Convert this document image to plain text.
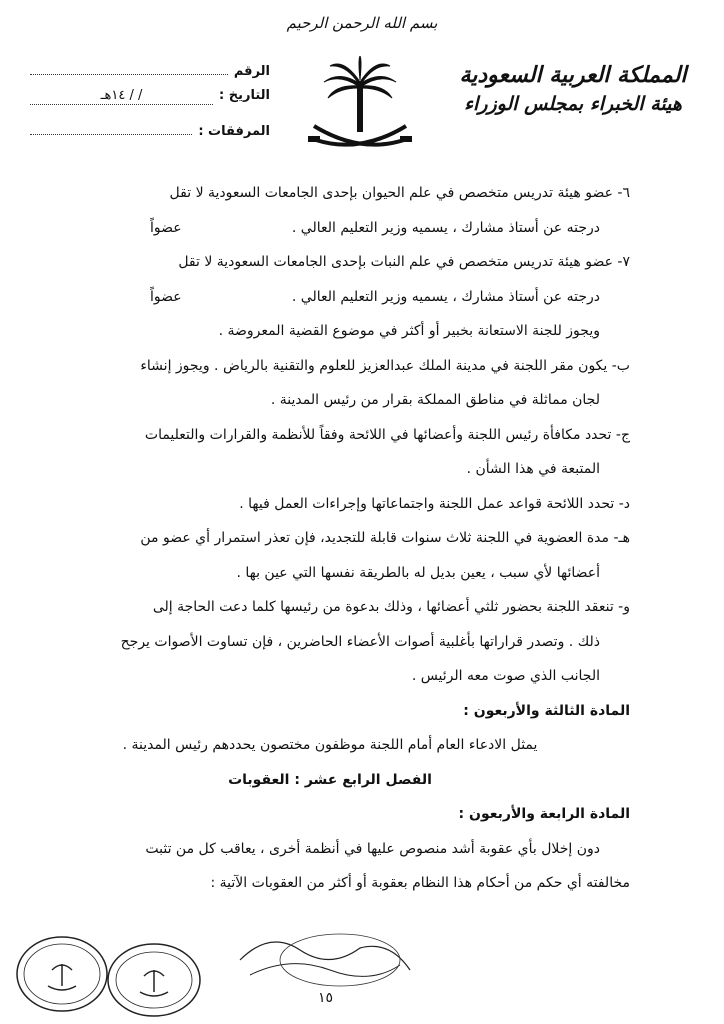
بسم الله الرحمن الرحيم
المملكة العربية السعودية
هيئة الخبراء بمجلس الوزراء
الرقم
التاريخ :
/ / ١٤هـ
المرفقات :
٦- عضو هيئة تدريس متخصص في علم الحيوان بإحدى الجامعات السعودية لا تقل
درجته عن أستاذ مشارك ، يسميه وزير التعليم العالي .
عضواً
٧- عضو هيئة تدريس متخصص في علم النبات بإحدى الجامعات السعودية لا تقل
درجته عن أستاذ مشارك ، يسميه وزير التعليم العالي .
عضواً
ويجوز للجنة الاستعانة بخبير أو أكثر في موضوع القضية المعروضة .
ب- يكون مقر اللجنة في مدينة الملك عبدالعزيز للعلوم والتقنية بالرياض . ويجوز إنشاء
لجان مماثلة في مناطق المملكة بقرار من رئيس المدينة .
ج- تحدد مكافأة رئيس اللجنة وأعضائها في اللائحة وفقاً للأنظمة والقرارات والتعليمات
المتبعة في هذا الشأن .
د- تحدد اللائحة قواعد عمل اللجنة واجتماعاتها وإجراءات العمل فيها .
هـ- مدة العضوية في اللجنة ثلاث سنوات قابلة للتجديد، فإن تعذر استمرار أي عضو من
أعضائها لأي سبب ، يعين بديل له بالطريقة نفسها التي عين بها .
و- تنعقد اللجنة بحضور ثلثي أعضائها ، وذلك بدعوة من رئيسها كلما دعت الحاجة إلى
ذلك . وتصدر قراراتها بأغلبية أصوات الأعضاء الحاضرين ، فإن تساوت الأصوات يرجح
الجانب الذي صوت معه الرئيس .
المادة الثالثة والأربعون :
يمثل الادعاء العام أمام اللجنة موظفون مختصون يحددهم رئيس المدينة .
الفصل الرابع عشر : العقوبات
المادة الرابعة والأربعون :
دون إخلال بأي عقوبة أشد منصوص عليها في أنظمة أخرى ، يعاقب كل من تثبت
مخالفته أي حكم من أحكام هذا النظام بعقوبة أو أكثر من العقوبات الآتية :
١٥
